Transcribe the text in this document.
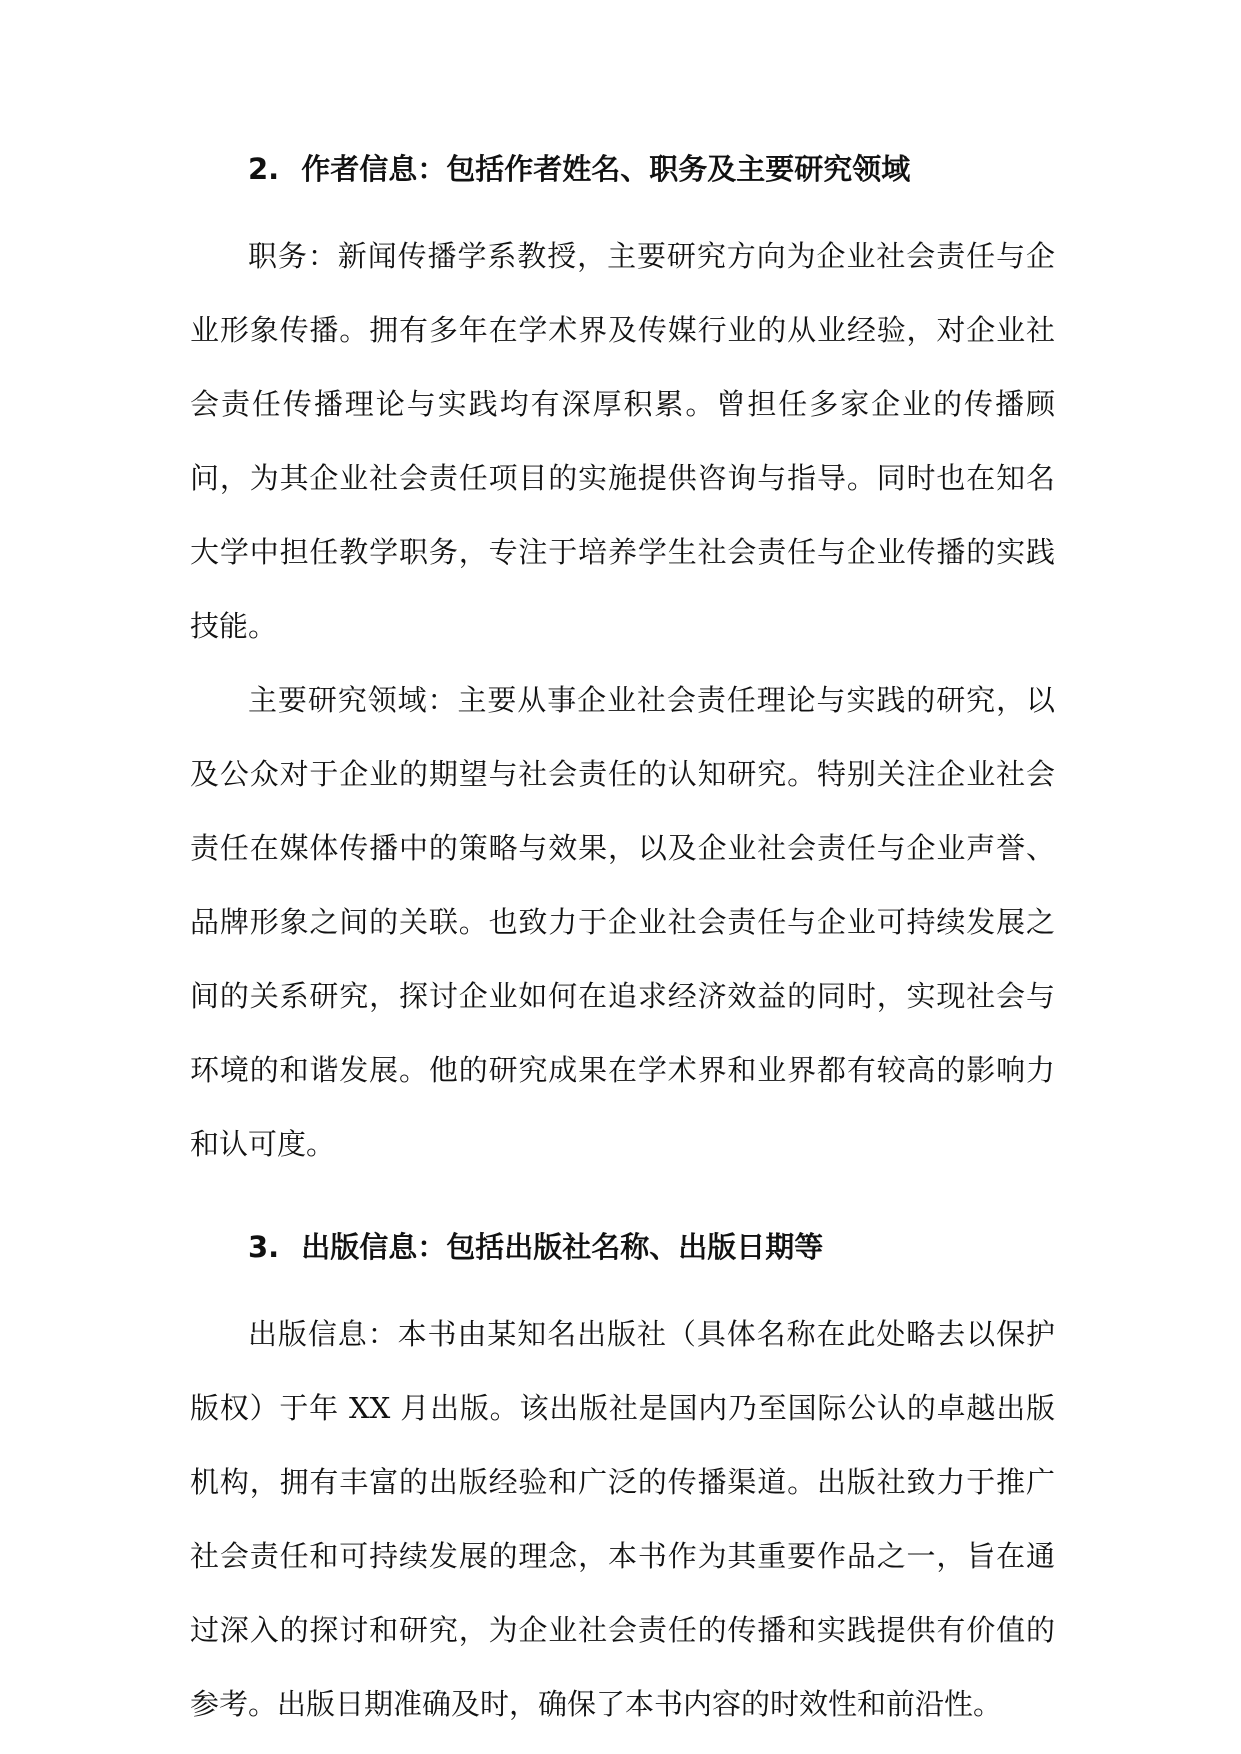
2. 作者信息：包括作者姓名、职务及主要研究领域

职务：新闻传播学系教授，主要研究方向为企业社会责任与企业形象传播。拥有多年在学术界及传媒行业的从业经验，对企业社会责任传播理论与实践均有深厚积累。曾担任多家企业的传播顾问，为其企业社会责任项目的实施提供咨询与指导。同时也在知名大学中担任教学职务，专注于培养学生社会责任与企业传播的实践技能。

主要研究领域：主要从事企业社会责任理论与实践的研究，以及公众对于企业的期望与社会责任的认知研究。特别关注企业社会责任在媒体传播中的策略与效果，以及企业社会责任与企业声誉、品牌形象之间的关联。也致力于企业社会责任与企业可持续发展之间的关系研究，探讨企业如何在追求经济效益的同时，实现社会与环境的和谐发展。他的研究成果在学术界和业界都有较高的影响力和认可度。

3. 出版信息：包括出版社名称、出版日期等

出版信息：本书由某知名出版社（具体名称在此处略去以保护版权）于年 XX 月出版。该出版社是国内乃至国际公认的卓越出版机构，拥有丰富的出版经验和广泛的传播渠道。出版社致力于推广社会责任和可持续发展的理念，本书作为其重要作品之一，旨在通过深入的探讨和研究，为企业社会责任的传播和实践提供有价值的参考。出版日期准确及时，确保了本书内容的时效性和前沿性。
